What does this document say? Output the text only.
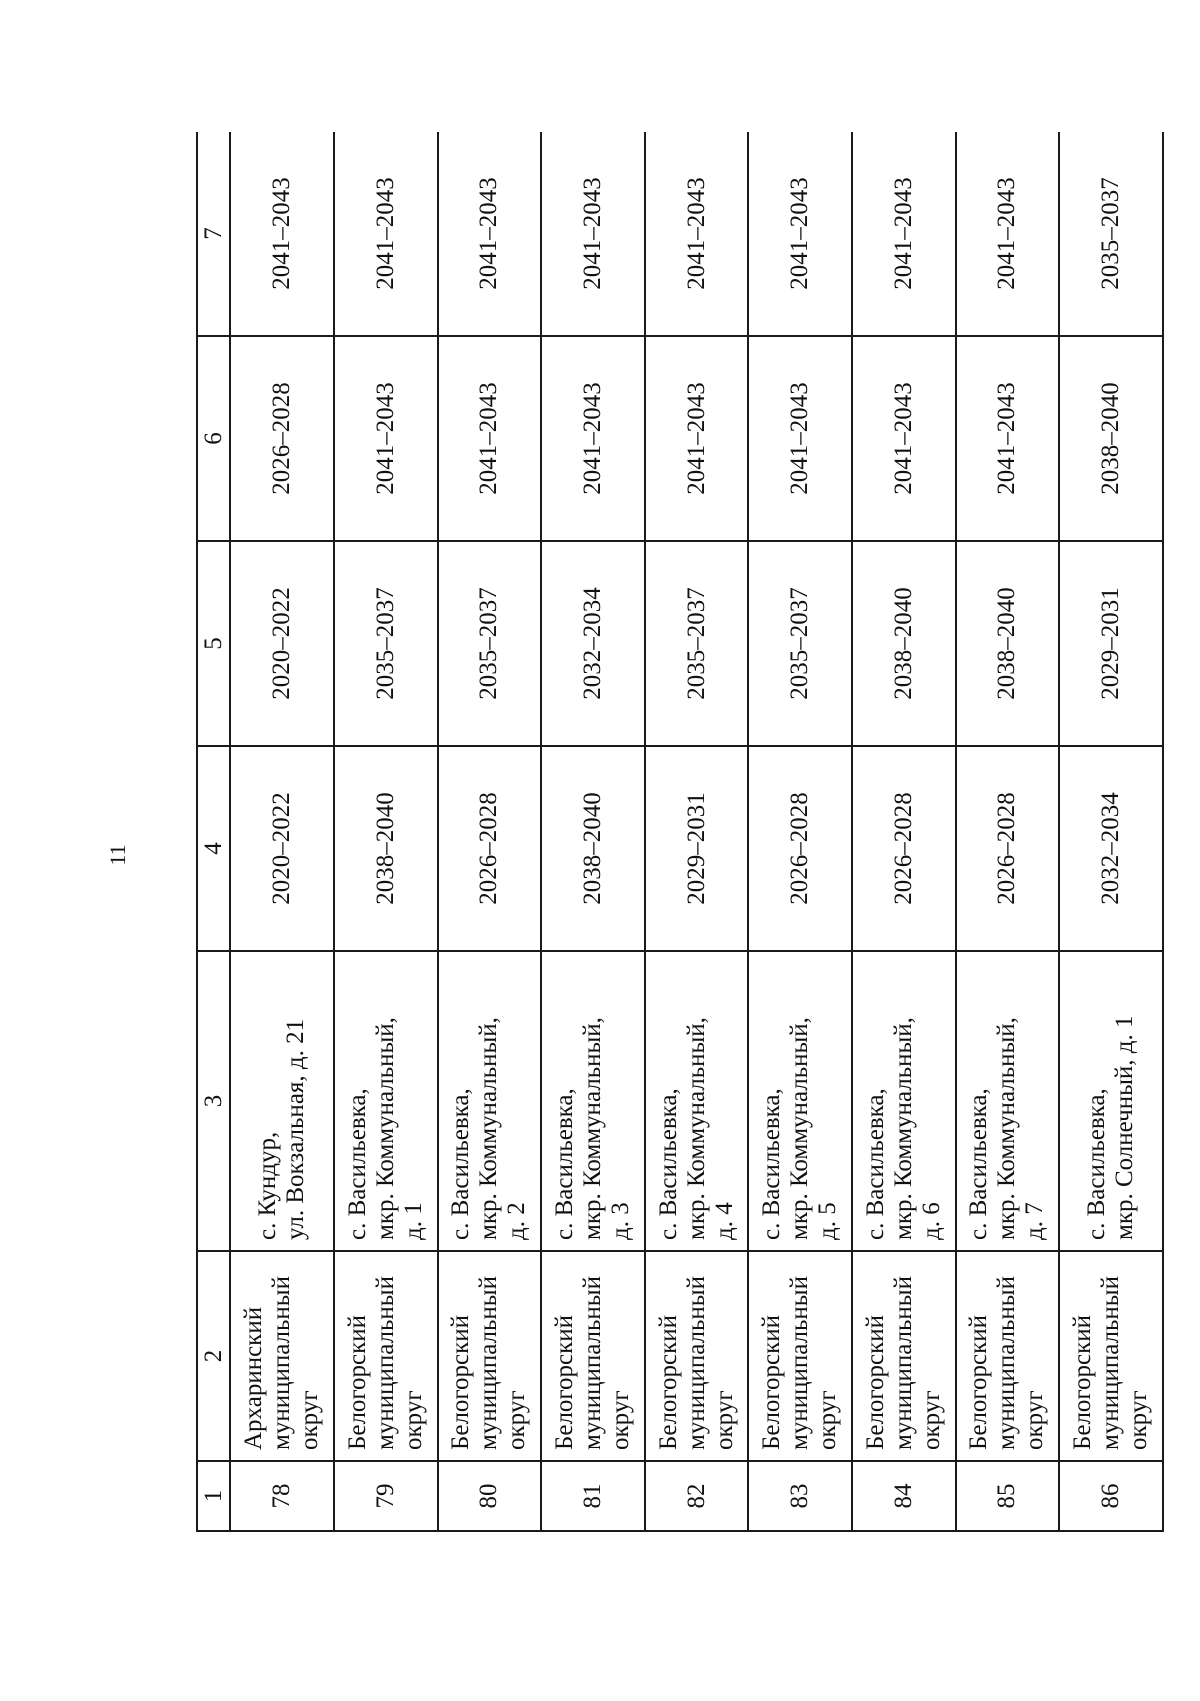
11
1	2	3	4	5	6	7
78	Архаринский
муниципальный
округ	с. Кундур,
ул. Вокзальная, д. 21	2020–2022	2020–2022	2026–2028	2041–2043
79	Белогорский
муниципальный
округ	с. Васильевка,
мкр. Коммунальный,
д. 1	2038–2040	2035–2037	2041–2043	2041–2043
80	Белогорский
муниципальный
округ	с. Васильевка,
мкр. Коммунальный,
д. 2	2026–2028	2035–2037	2041–2043	2041–2043
81	Белогорский
муниципальный
округ	с. Васильевка,
мкр. Коммунальный,
д. 3	2038–2040	2032–2034	2041–2043	2041–2043
82	Белогорский
муниципальный
округ	с. Васильевка,
мкр. Коммунальный,
д. 4	2029–2031	2035–2037	2041–2043	2041–2043
83	Белогорский
муниципальный
округ	с. Васильевка,
мкр. Коммунальный,
д. 5	2026–2028	2035–2037	2041–2043	2041–2043
84	Белогорский
муниципальный
округ	с. Васильевка,
мкр. Коммунальный,
д. 6	2026–2028	2038–2040	2041–2043	2041–2043
85	Белогорский
муниципальный
округ	с. Васильевка,
мкр. Коммунальный,
д. 7	2026–2028	2038–2040	2041–2043	2041–2043
86	Белогорский
муниципальный
округ	с. Васильевка,
мкр. Солнечный, д. 1	2032–2034	2029–2031	2038–2040	2035–2037
